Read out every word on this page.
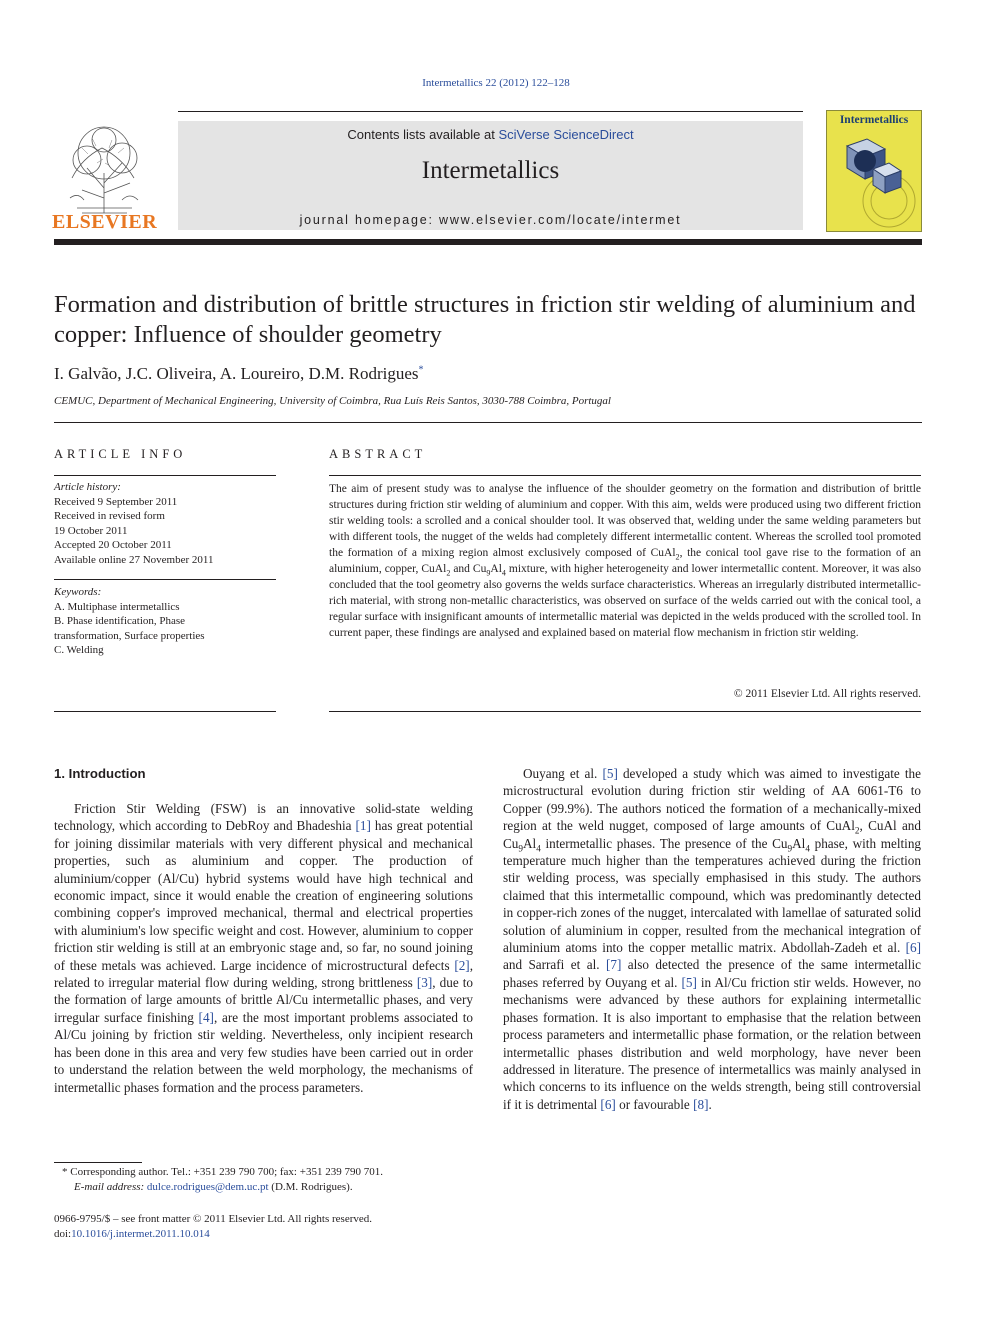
Intermetallics 22 (2012) 122–128
ELSEVIER
Contents lists available at SciVerse ScienceDirect
Intermetallics
journal homepage: www.elsevier.com/locate/intermet
Intermetallics
Formation and distribution of brittle structures in friction stir welding of aluminium and copper: Influence of shoulder geometry
I. Galvão, J.C. Oliveira, A. Loureiro, D.M. Rodrigues*
CEMUC, Department of Mechanical Engineering, University of Coimbra, Rua Luís Reis Santos, 3030-788 Coimbra, Portugal
ARTICLE INFO
Article history:
Received 9 September 2011
Received in revised form
19 October 2011
Accepted 20 October 2011
Available online 27 November 2011
Keywords:
A. Multiphase intermetallics
B. Phase identification, Phase
transformation, Surface properties
C. Welding
ABSTRACT
The aim of present study was to analyse the influence of the shoulder geometry on the formation and distribution of brittle structures during friction stir welding of aluminium and copper. With this aim, welds were produced using two different friction stir welding tools: a scrolled and a conical shoulder tool. It was observed that, welding under the same welding parameters but with different tools, the nugget of the welds had completely different intermetallic content. Whereas the scrolled tool promoted the formation of a mixing region almost exclusively composed of CuAl$_2$, the conical tool gave rise to the formation of an aluminium, copper, CuAl$_2$ and $Cu_9Al_4$ mixture, with higher heterogeneity and lower intermetallic content. Moreover, it was also concluded that the tool geometry also governs the welds surface characteristics. Whereas an irregularly distributed intermetallic-rich material, with strong non-metallic characteristics, was observed on surface of the welds carried out with the conical tool, a regular surface with insignificant amounts of intermetallic material was depicted in the welds produced with the scrolled tool. In current paper, these findings are analysed and explained based on material flow mechanism in friction stir welding.
© 2011 Elsevier Ltd. All rights reserved.
1. Introduction
Friction Stir Welding (FSW) is an innovative solid-state welding technology, which according to DebRoy and Bhadeshia [1] has great potential for joining dissimilar materials with very different physical and mechanical properties, such as aluminium and copper. The production of aluminium/copper (Al/Cu) hybrid systems would have high technical and economic impact, since it would enable the creation of engineering solutions combining copper's improved mechanical, thermal and electrical properties with aluminium's low specific weight and cost. However, aluminium to copper friction stir welding is still at an embryonic stage and, so far, no sound joining of these metals was achieved. Large incidence of microstructural defects [2], related to irregular material flow during welding, strong brittleness [3], due to the formation of large amounts of brittle Al/Cu intermetallic phases, and very irregular surface finishing [4], are the most important problems associated to Al/Cu joining by friction stir welding. Nevertheless, only incipient research has been done in this area and very few studies have been carried out in order to understand the relation between the weld morphology, the mechanisms of intermetallic phases formation and the process parameters.
Ouyang et al. [5] developed a study which was aimed to investigate the microstructural evolution during friction stir welding of AA 6061-T6 to Copper (99.9%). The authors noticed the formation of a mechanically-mixed region at the weld nugget, composed of large amounts of CuAl$_2$, CuAl and $Cu_9Al_4$ intermetallic phases. The presence of the $Cu_9Al_4$ phase, with melting temperature much higher than the temperatures achieved during the friction stir welding process, was specially emphasised in this study. The authors claimed that this intermetallic compound, which was predominantly detected in copper-rich zones of the nugget, intercalated with lamellae of saturated solid solution of aluminium in copper, resulted from the mechanical integration of aluminium atoms into the copper metallic matrix. Abdollah-Zadeh et al. [6] and Sarrafi et al. [7] also detected the presence of the same intermetallic phases referred by Ouyang et al. [5] in Al/Cu friction stir welds. However, no mechanisms were advanced by these authors for explaining intermetallic phases formation. It is also important to emphasise that the relation between process parameters and intermetallic phase formation, or the relation between intermetallic phases distribution and weld morphology, have never been addressed in literature. The presence of intermetallics was mainly analysed in which concerns to its influence on the welds strength, being still controversial if it is detrimental [6] or favourable [8].
* Corresponding author. Tel.: +351 239 790 700; fax: +351 239 790 701.
E-mail address: dulce.rodrigues@dem.uc.pt (D.M. Rodrigues).
0966-9795/$ – see front matter © 2011 Elsevier Ltd. All rights reserved.
doi:10.1016/j.intermet.2011.10.014
